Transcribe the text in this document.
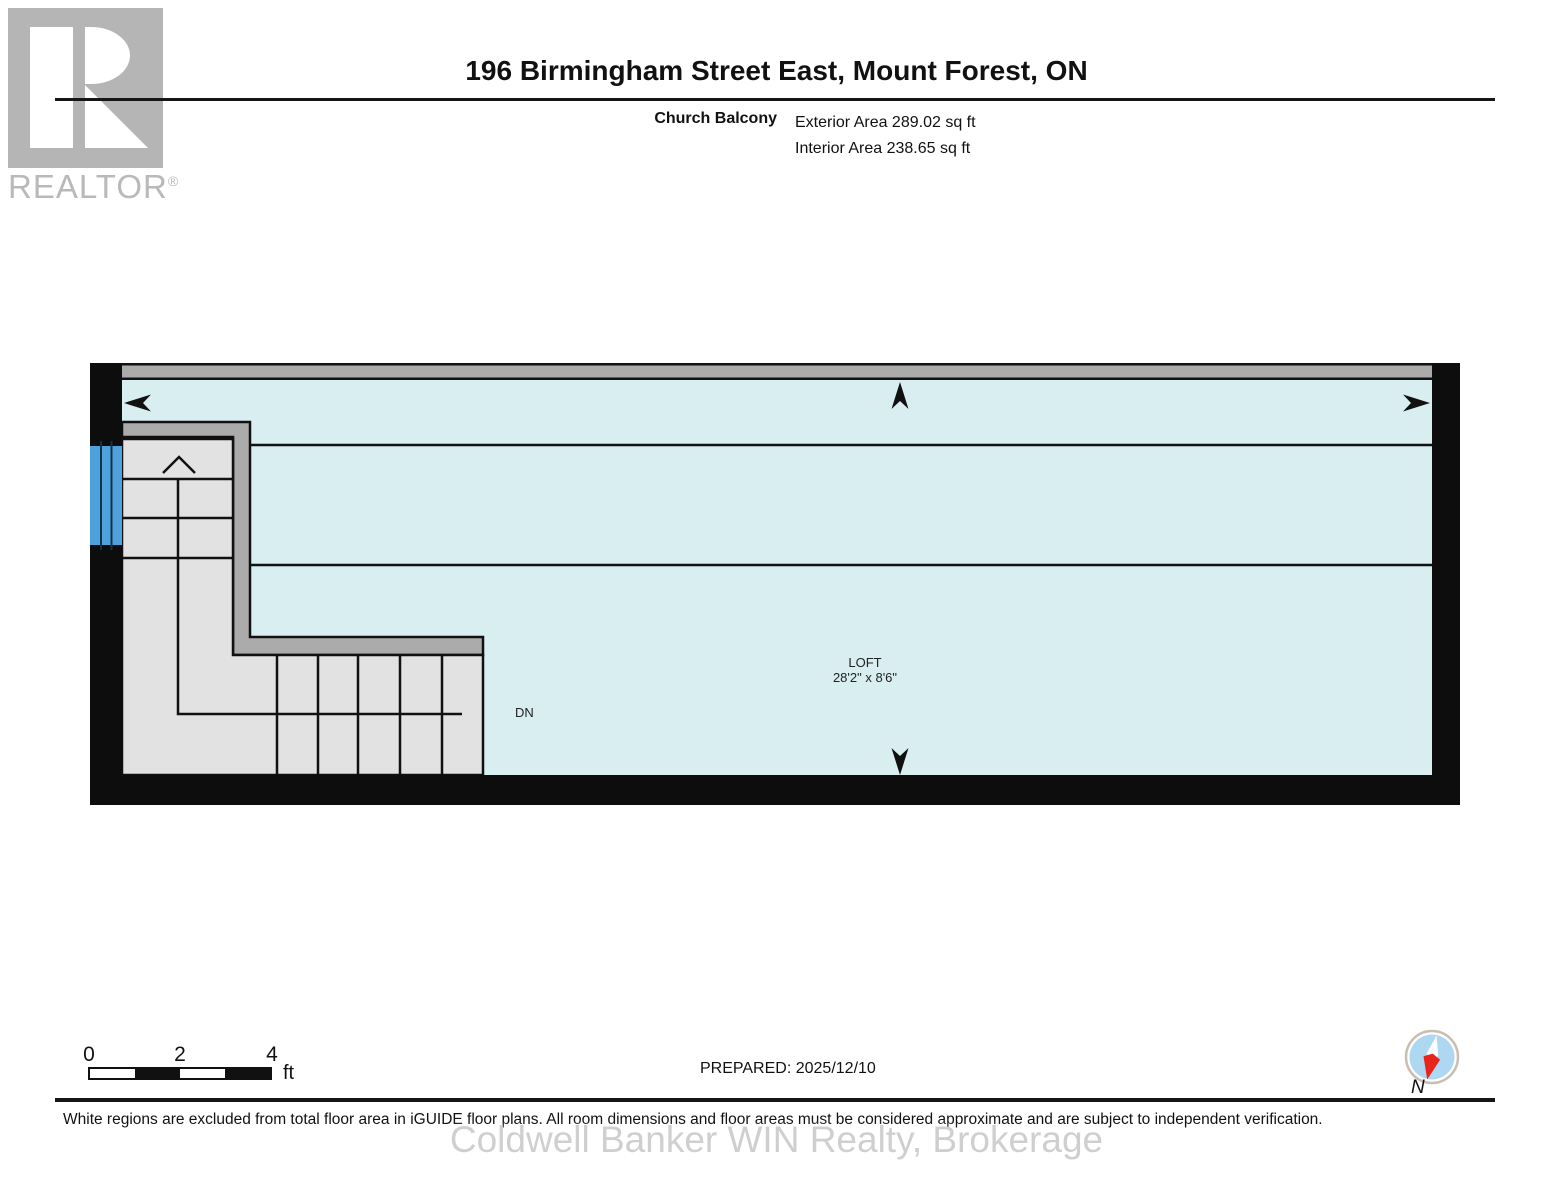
REALTOR®
196 Birmingham Street East, Mount Forest, ON
Church Balcony Exterior Area 289.02 sq ft
Interior Area 238.65 sq ft
LOFT
28'2" x 8'6"
DN
0	2	4
ft	PREPARED: 2025/12/10
N
White regions are excluded from total floor area in iGUIDE floor plans. All room dimensions and floor areas must be considered approximate and are subject to independent verification.
Coldwell Banker WIN Realty, Brokerage
